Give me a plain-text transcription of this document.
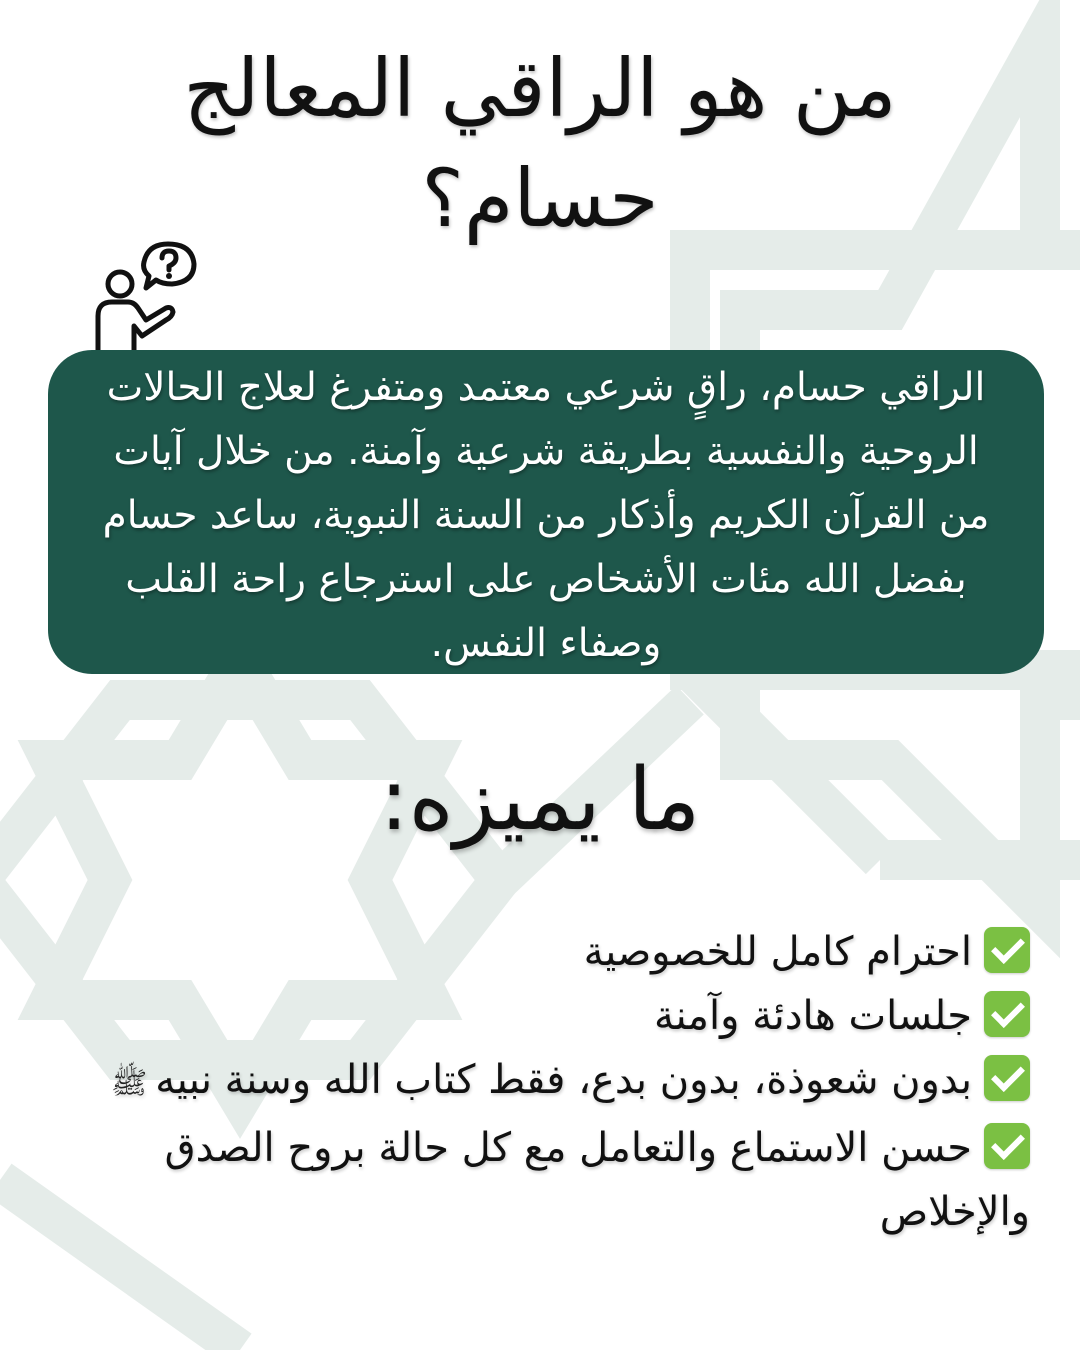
من هو الراقي المعالج
حسام؟
الراقي حسام، راقٍ شرعي معتمد ومتفرغ لعلاج الحالات الروحية والنفسية بطريقة شرعية وآمنة. من خلال آيات من القرآن الكريم وأذكار من السنة النبوية، ساعد حسام بفضل الله مئات الأشخاص على استرجاع راحة القلب وصفاء النفس.
ما يميزه:
احترام كامل للخصوصية
جلسات هادئة وآمنة
بدون شعوذة، بدون بدع، فقط كتاب الله وسنة نبيهﷺ
حسن الاستماع والتعامل مع كل حالة بروح الصدق والإخلاص
